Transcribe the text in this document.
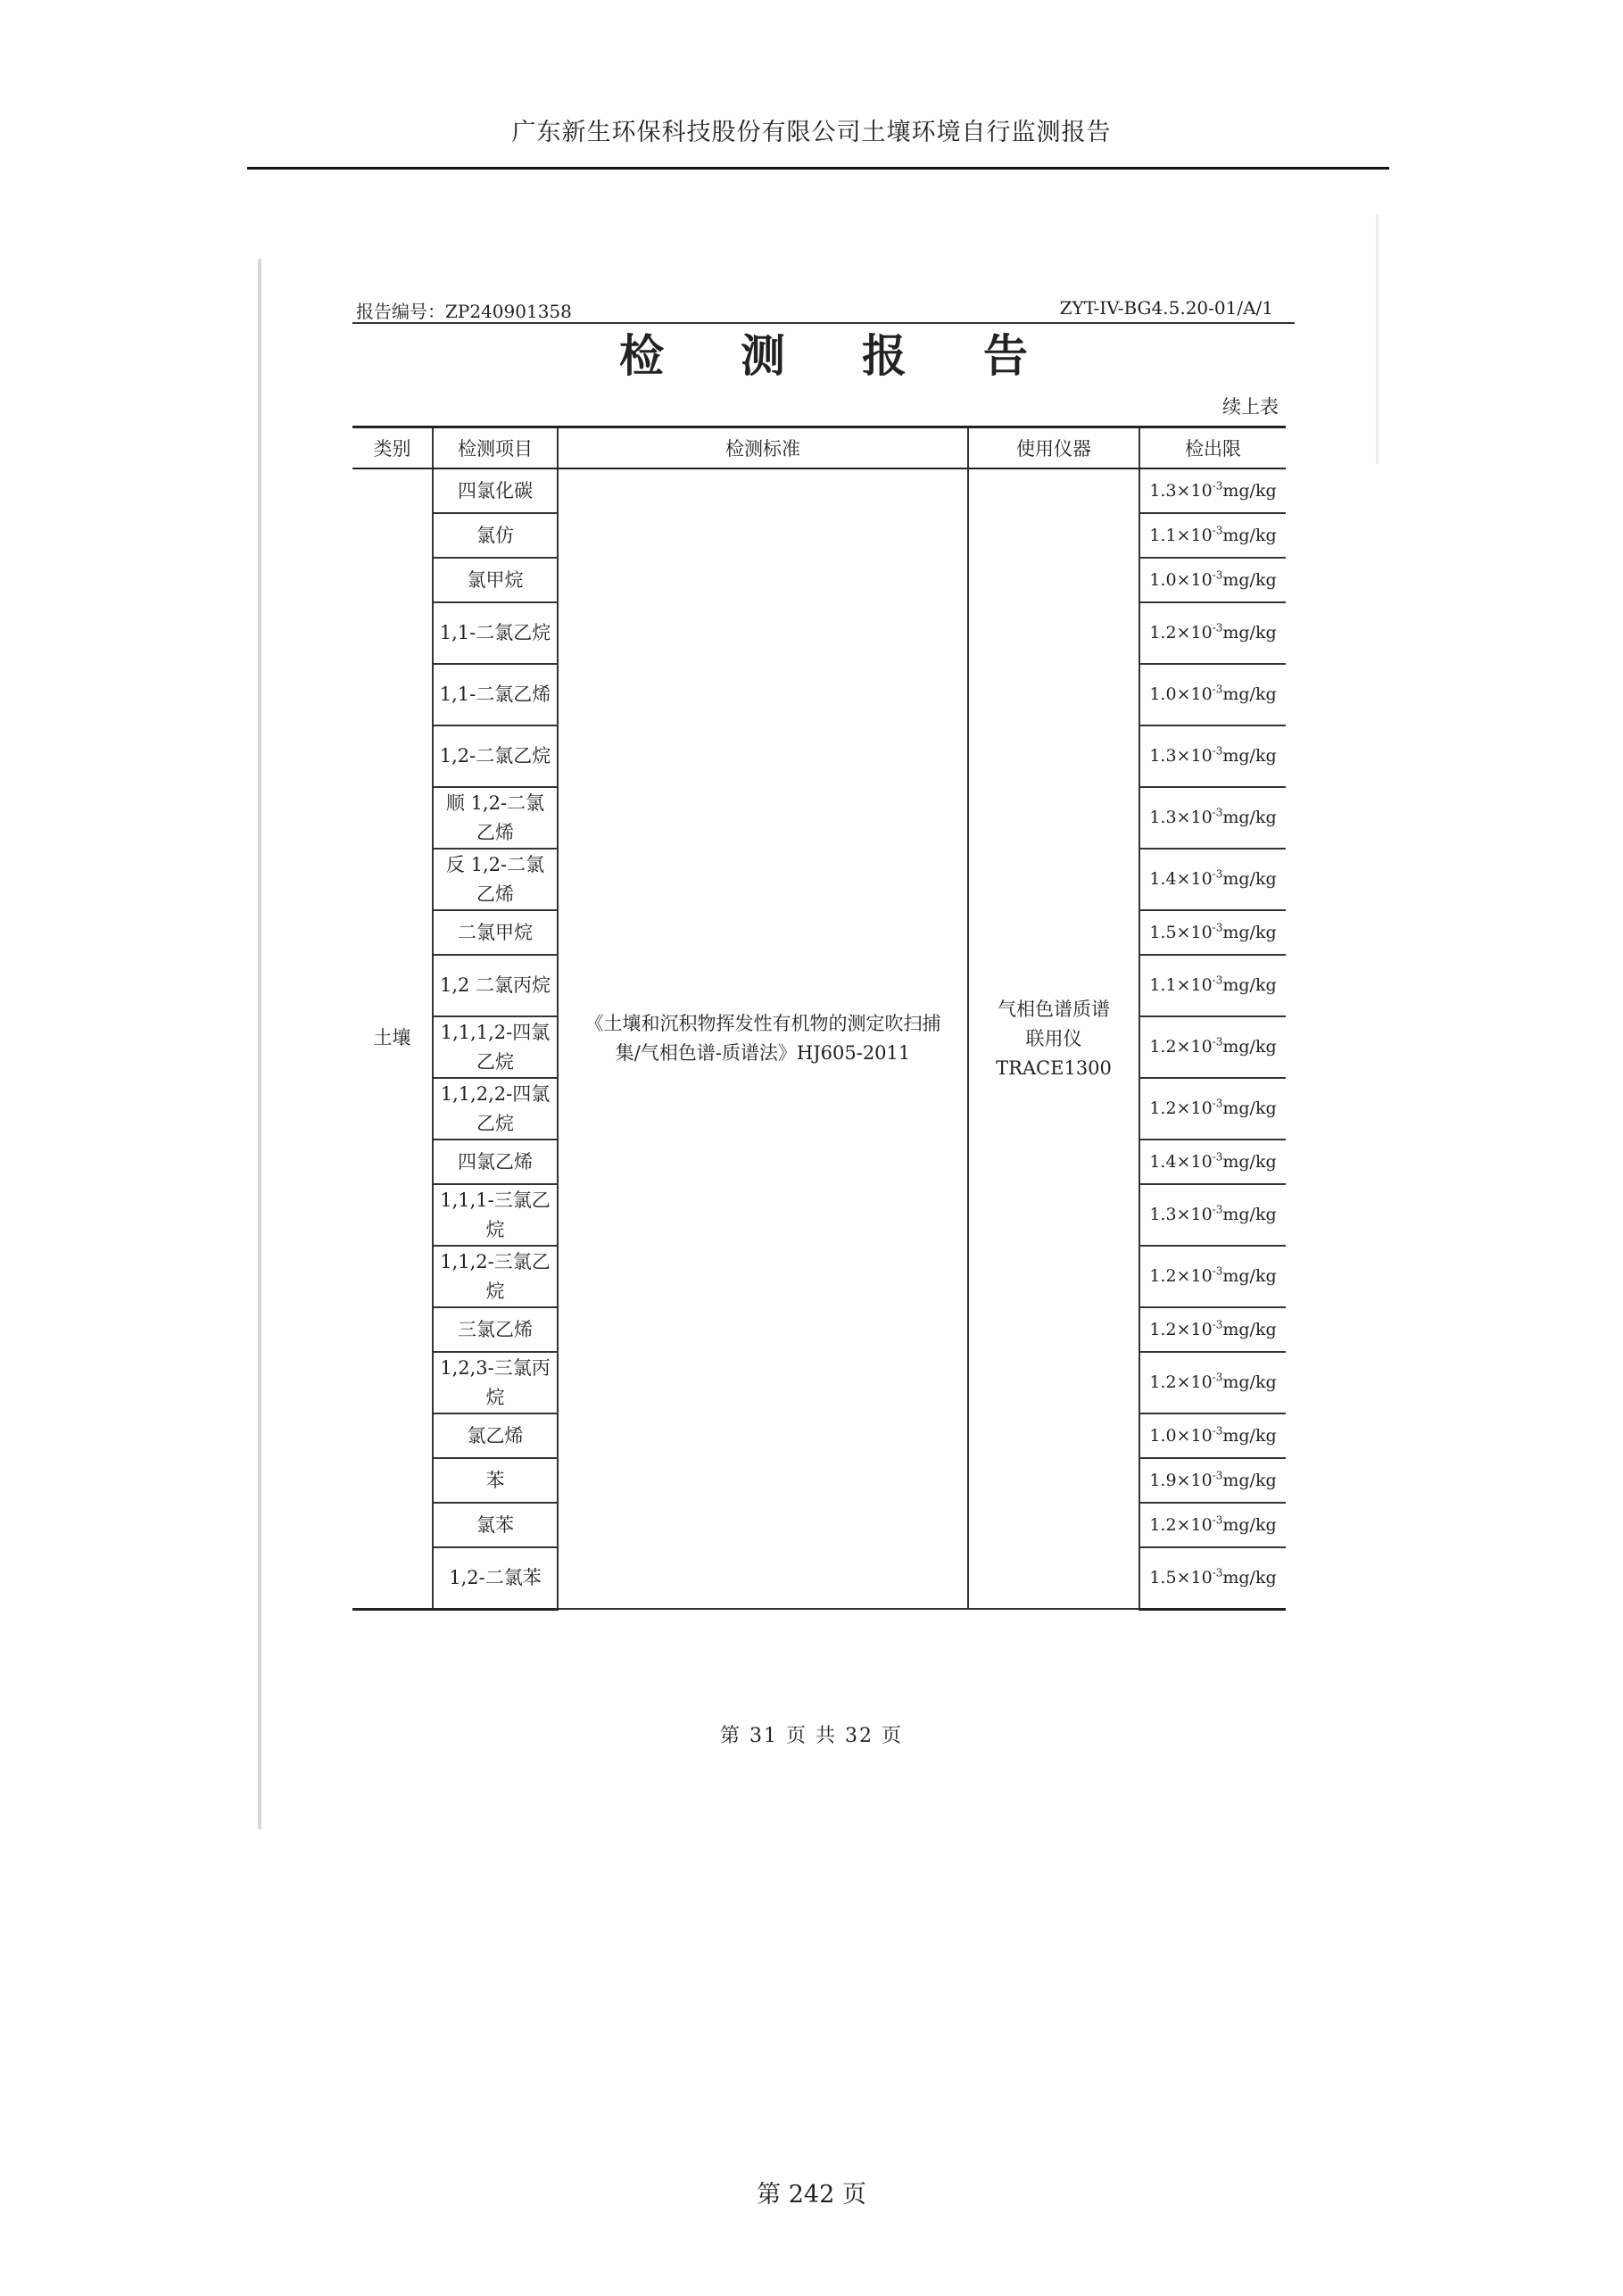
广东新生环保科技股份有限公司土壤环境自行监测报告
报告编号：ZP240901358	ZYT-IV-BG4.5.20-01/A/1
检测报告
续上表
类别	检测项目	检测标准	使用仪器	检出限
土壤	四氯化碳	《土壤和沉积物挥发性有机物的测定吹扫捕集/气相色谱-质谱法》HJ605-2011	气相色谱质谱联用仪TRACE1300	$1.3\times 10^{-3}mg/kg$
	氯仿			$1.1\times 10^{-3}mg/kg$
	氯甲烷			$1.0\times 10^{-3}mg/kg$
	1,1-二氯乙烷			$1.2\times 10^{-3}mg/kg$
	1,1-二氯乙烯			$1.0\times 10^{-3}mg/kg$
	1,2-二氯乙烷			$1.3\times 10^{-3}mg/kg$
	顺 1,2-二氯乙烯			$1.3\times 10^{-3}mg/kg$
	反 1,2-二氯乙烯			$1.4\times 10^{-3}mg/kg$
	二氯甲烷			$1.5\times 10^{-3}mg/kg$
	1,2 二氯丙烷			$1.1\times 10^{-3}mg/kg$
	1,1,1,2-四氯乙烷			$1.2\times 10^{-3}mg/kg$
	1,1,2,2-四氯乙烷			$1.2\times 10^{-3}mg/kg$
	四氯乙烯			$1.4\times 10^{-3}mg/kg$
	1,1,1-三氯乙烷			$1.3\times 10^{-3}mg/kg$
	1,1,2-三氯乙烷			$1.2\times 10^{-3}mg/kg$
	三氯乙烯			$1.2\times 10^{-3}mg/kg$
	1,2,3-三氯丙烷			$1.2\times 10^{-3}mg/kg$
	氯乙烯			$1.0\times 10^{-3}mg/kg$
	苯			$1.9\times 10^{-3}mg/kg$
	氯苯			$1.2\times 10^{-3}mg/kg$
	1,2-二氯苯			$1.5\times 10^{-3}mg/kg$
第 31 页 共 32 页
第 242 页
